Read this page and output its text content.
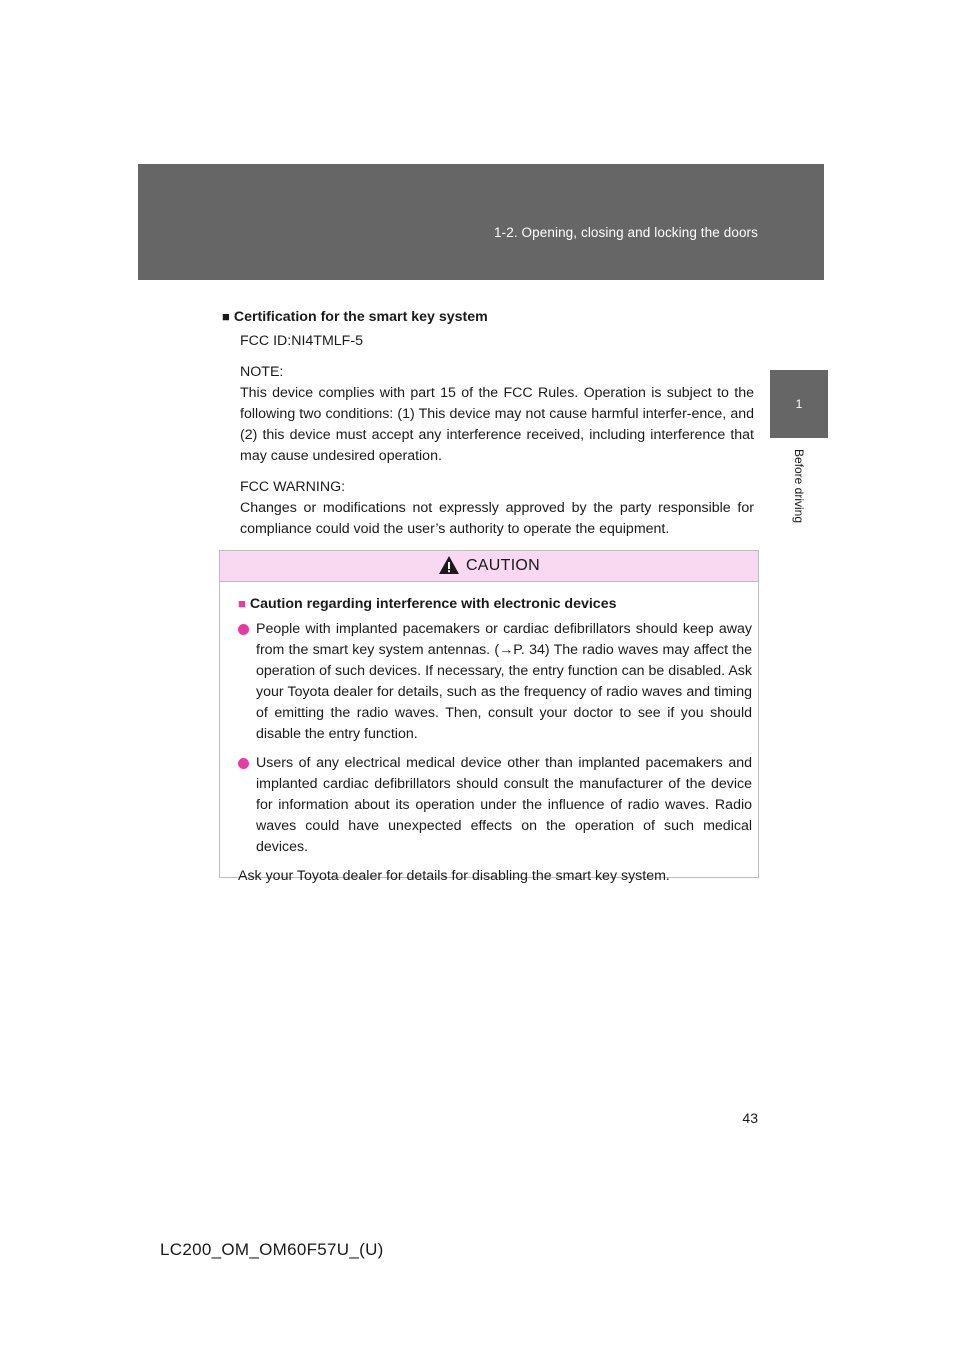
1-2. Opening, closing and locking the doors
1
Before driving
■ Certification for the smart key system

FCC ID:NI4TMLF-5

NOTE:
This device complies with part 15 of the FCC Rules. Operation is subject to the following two conditions: (1) This device may not cause harmful interfer-ence, and (2) this device must accept any interference received, including interference that may cause undesired operation.

FCC WARNING:
Changes or modifications not expressly approved by the party responsible for compliance could void the user’s authority to operate the equipment.

CAUTION
■ Caution regarding interference with electronic devices
People with implanted pacemakers or cardiac defibrillators should keep away from the smart key system antennas. (→P. 34) The radio waves may affect the operation of such devices. If necessary, the entry function can be disabled. Ask your Toyota dealer for details, such as the frequency of radio waves and timing of emitting the radio waves. Then, consult your doctor to see if you should disable the entry function.
Users of any electrical medical device other than implanted pacemakers and implanted cardiac defibrillators should consult the manufacturer of the device for information about its operation under the influence of radio waves. Radio waves could have unexpected effects on the operation of such medical devices.
Ask your Toyota dealer for details for disabling the smart key system.
43
LC200_OM_OM60F57U_(U)
